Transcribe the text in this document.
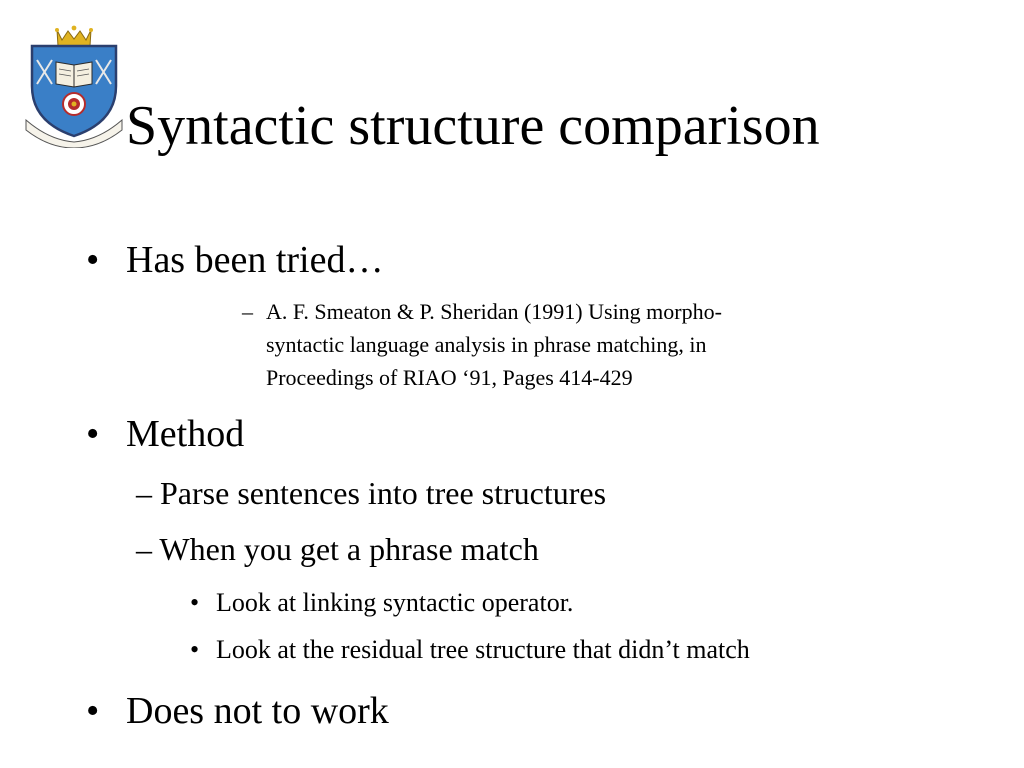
Syntactic structure comparison
• Has been tried…
– A. F. Smeaton & P. Sheridan (1991) Using morpho-
syntactic language analysis in phrase matching, in
Proceedings of RIAO ‘91, Pages 414-429
• Method
– Parse sentences into tree structures
– When you get a phrase match
• Look at linking syntactic operator.
• Look at the residual tree structure that didn’t match
• Does not to work
